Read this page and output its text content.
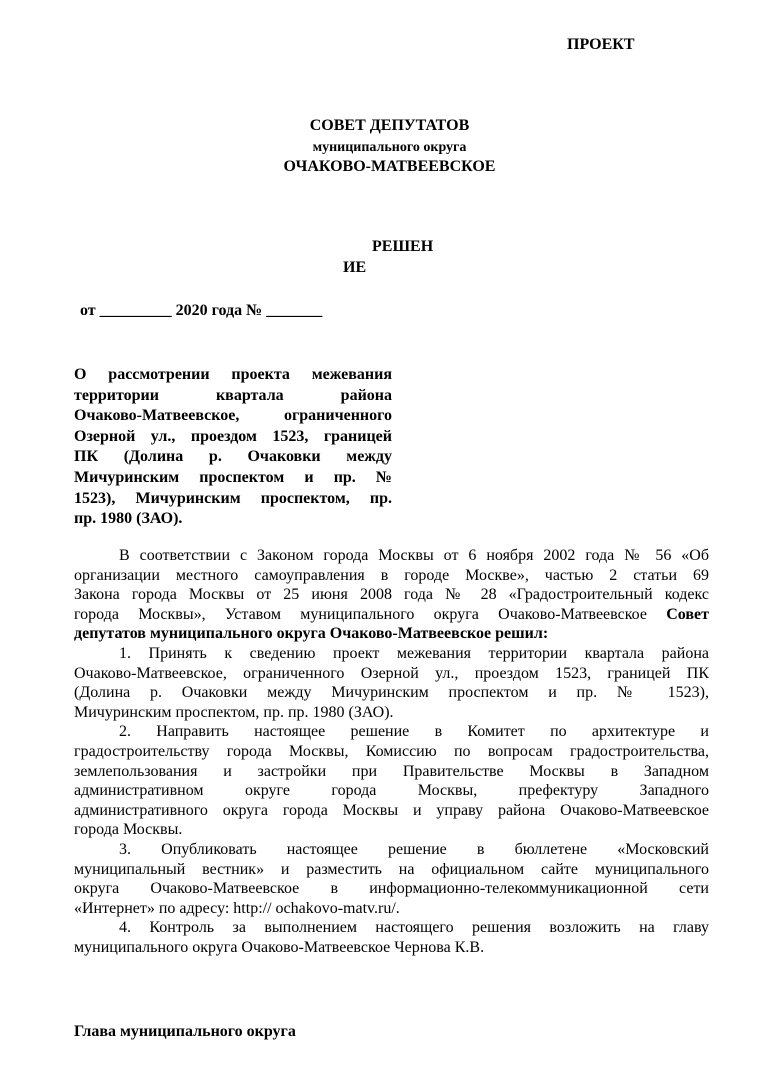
ПРОЕКТ

СОВЕТ ДЕПУТАТОВ

муниципального округа

ОЧАКОВО-МАТВЕЕВСКОЕ

РЕШЕН

ИЕ

от _________ 2020 года № _______

О рассмотрении проекта межевания
территории квартала района
Очаково-Матвеевское, ограниченного
Озерной ул., проездом 1523, границей
ПК (Долина р. Очаковки между
Мичуринским проспектом и пр. №
1523), Мичуринским проспектом, пр.
пр. 1980 (ЗАО).
В соответствии с Законом города Москвы от 6 ноября 2002 года № 56 «Об
организации местного самоуправления в городе Москве», частью 2 статьи 69
Закона города Москвы от 25 июня 2008 года № 28 «Градостроительный кодекс
города Москвы», Уставом муниципального округа Очаково-Матвеевское Совет
депутатов муниципального округа Очаково-Матвеевское решил:
1. Принять к сведению проект межевания территории квартала района
Очаково-Матвеевское, ограниченного Озерной ул., проездом 1523, границей ПК
(Долина р. Очаковки между Мичуринским проспектом и пр. № 1523),
Мичуринским проспектом, пр. пр. 1980 (ЗАО).
2. Направить настоящее решение в Комитет по архитектуре и
градостроительству города Москвы, Комиссию по вопросам градостроительства,
землепользования и застройки при Правительстве Москвы в Западном
административном округе города Москвы, префектуру Западного
административного округа города Москвы и управу района Очаково-Матвеевское
города Москвы.
3. Опубликовать настоящее решение в бюллетене «Московский
муниципальный вестник» и разместить на официальном сайте муниципального
округа Очаково-Матвеевское в информационно-телекоммуникационной сети
«Интернет» по адресу: http:// ochakovo-matv.ru/.
4. Контроль за выполнением настоящего решения возложить на главу
муниципального округа Очаково-Матвеевское Чернова К.В.

Глава муниципального округа
